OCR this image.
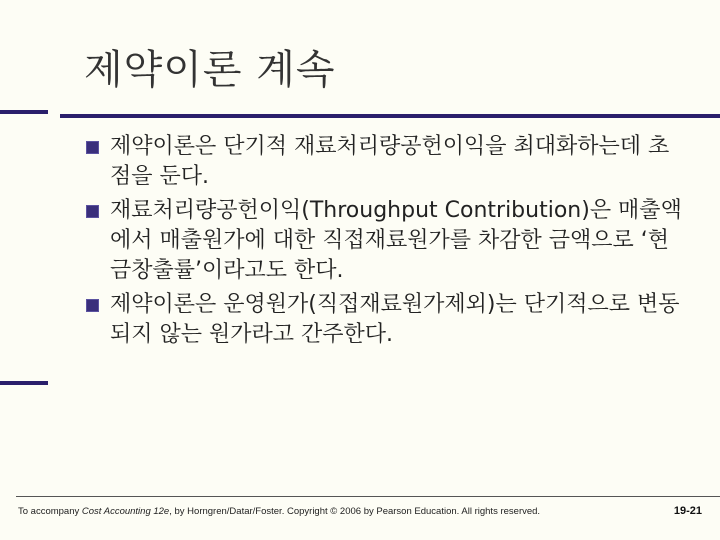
제약이론 계속
제약이론은 단기적 재료처리량공헌이익을 최대화하는데 초점을 둔다.
재료처리량공헌이익(Throughput Contribution)은 매출액에서 매출원가에 대한 직접재료원가를 차감한 금액으로 ‘현금창출률’이라고도 한다.
제약이론은 운영원가(직접재료원가제외)는 단기적으로 변동되지 않는 원가라고 간주한다.
To accompany Cost Accounting 12e, by Horngren/Datar/Foster. Copyright © 2006 by Pearson Education. All rights reserved.	19-21
